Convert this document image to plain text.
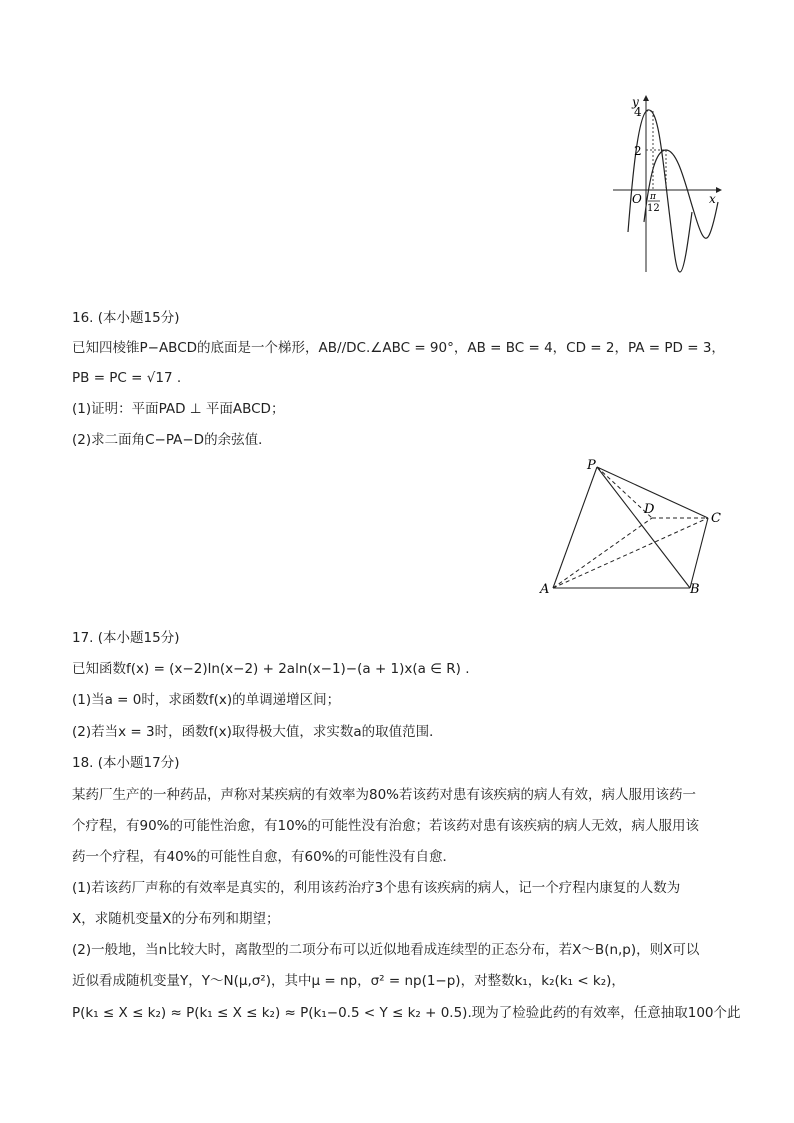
y
4
2
O π
12
x
16. (本小题15分)
已知四棱锥P−ABCD的底面是一个梯形，AB//DC.∠ABC = 90°，AB = BC = 4，CD = 2，PA = PD = 3，
PB = PC = √17 .
(1)证明：平面PAD ⊥ 平面ABCD；
(2)求二面角C−PA−D的余弦值．
P
D
C
A	B
17. (本小题15分)
已知函数f(x) = (x−2)ln(x−2) + 2aln(x−1)−(a + 1)x(a ∈ R) .
(1)当a = 0时，求函数f(x)的单调递增区间；
(2)若当x = 3时，函数f(x)取得极大值，求实数a的取值范围．
18. (本小题17分)
某药厂生产的一种药品，声称对某疾病的有效率为80%若该药对患有该疾病的病人有效，病人服用该药一
个疗程，有90%的可能性治愈，有10%的可能性没有治愈；若该药对患有该疾病的病人无效，病人服用该
药一个疗程，有40%的可能性自愈，有60%的可能性没有自愈．
(1)若该药厂声称的有效率是真实的，利用该药治疗3个患有该疾病的病人，记一个疗程内康复的人数为
X，求随机变量X的分布列和期望；
(2)一般地，当n比较大时，离散型的二项分布可以近似地看成连续型的正态分布，若X～B(n,p)，则X可以
近似看成随机变量Y，Y～N(μ,σ²)，其中μ = np，σ² = np(1−p)，对整数k₁，k₂(k₁ < k₂)，
P(k₁ ≤ X ≤ k₂) ≈ P(k₁ ≤ X ≤ k₂) ≈ P(k₁−0.5 < Y ≤ k₂ + 0.5).现为了检验此药的有效率，任意抽取100个此
